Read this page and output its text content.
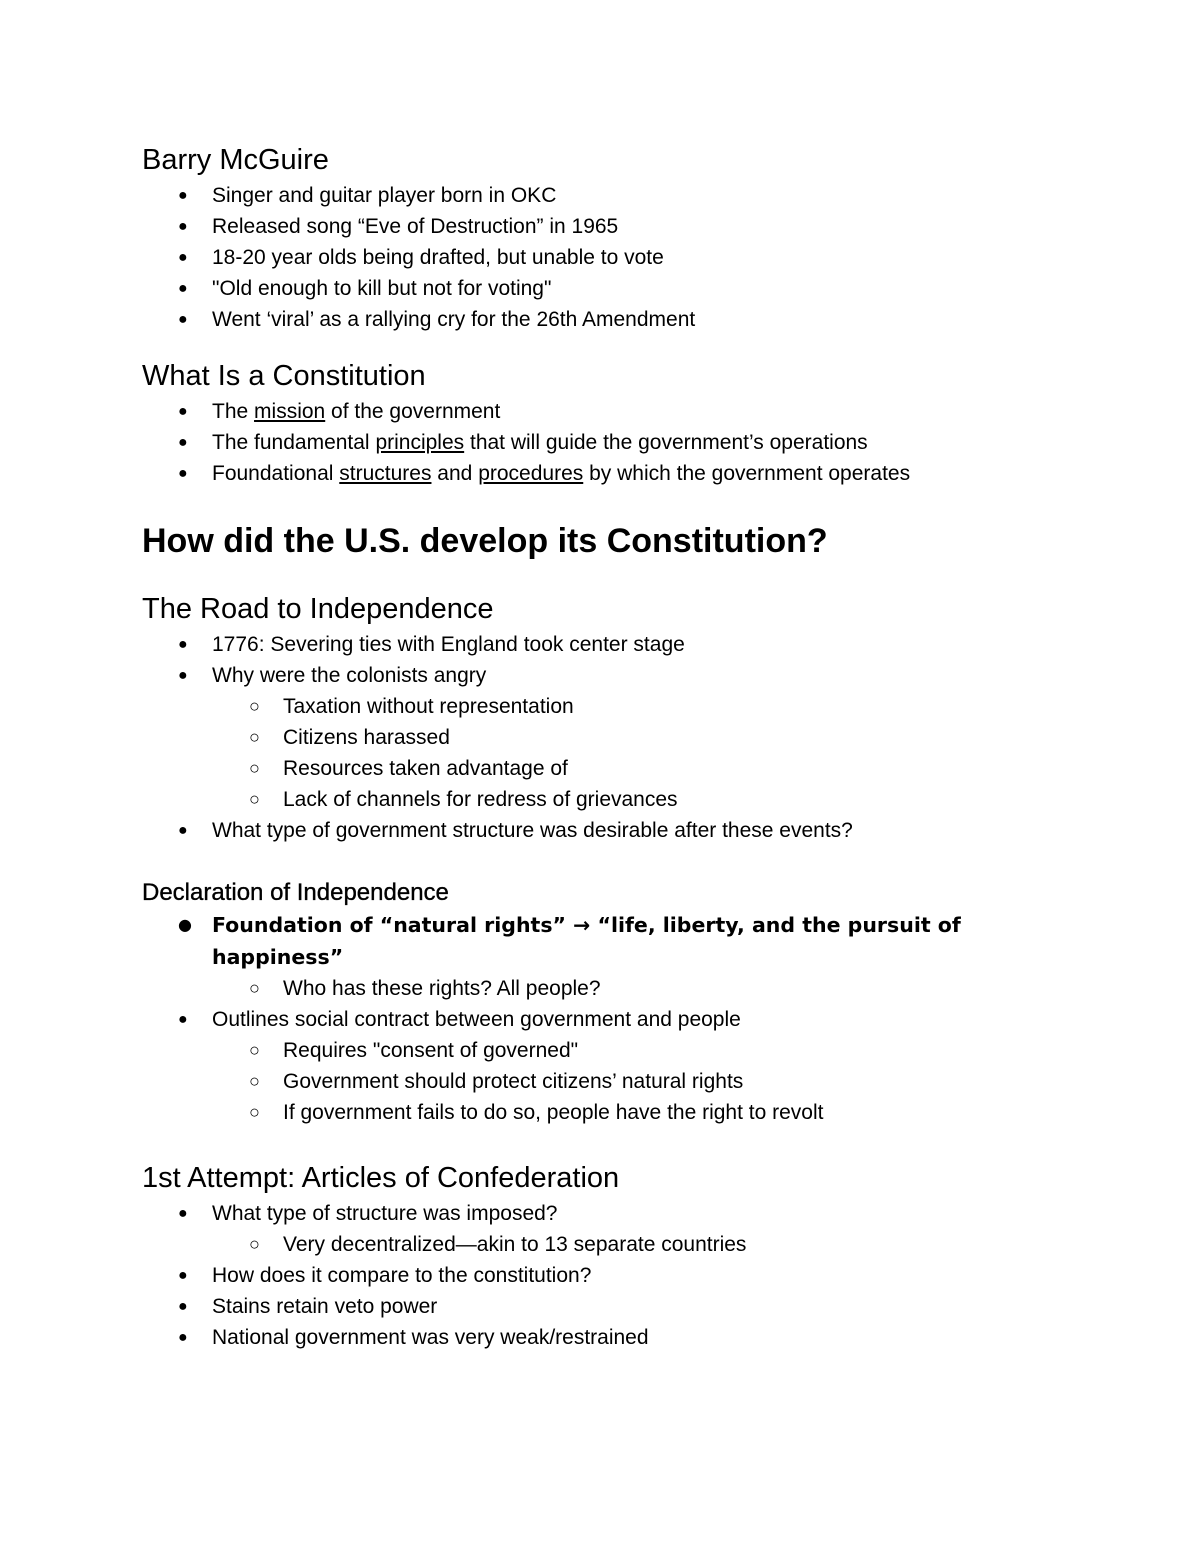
Barry McGuire
● Singer and guitar player born in OKC
● Released song “Eve of Destruction” in 1965
● 18-20 year olds being drafted, but unable to vote
● "Old enough to kill but not for voting"
● Went ‘viral’ as a rallying cry for the 26th Amendment
What Is a Constitution
● The mission of the government
● The fundamental principles that will guide the government’s operations
● Foundational structures and procedures by which the government operates
How did the U.S. develop its Constitution?
The Road to Independence
● 1776: Severing ties with England took center stage
● Why were the colonists angry
○ Taxation without representation
○ Citizens harassed
○ Resources taken advantage of
○ Lack of channels for redress of grievances
● What type of government structure was desirable after these events?
Declaration of Independence
● Foundation of “natural rights” → “life, liberty, and the pursuit of happiness”
○ Who has these rights? All people?
● Outlines social contract between government and people
○ Requires "consent of governed"
○ Government should protect citizens’ natural rights
○ If government fails to do so, people have the right to revolt
1st Attempt: Articles of Confederation
● What type of structure was imposed?
○ Very decentralized—akin to 13 separate countries
● How does it compare to the constitution?
● Stains retain veto power
● National government was very weak/restrained
